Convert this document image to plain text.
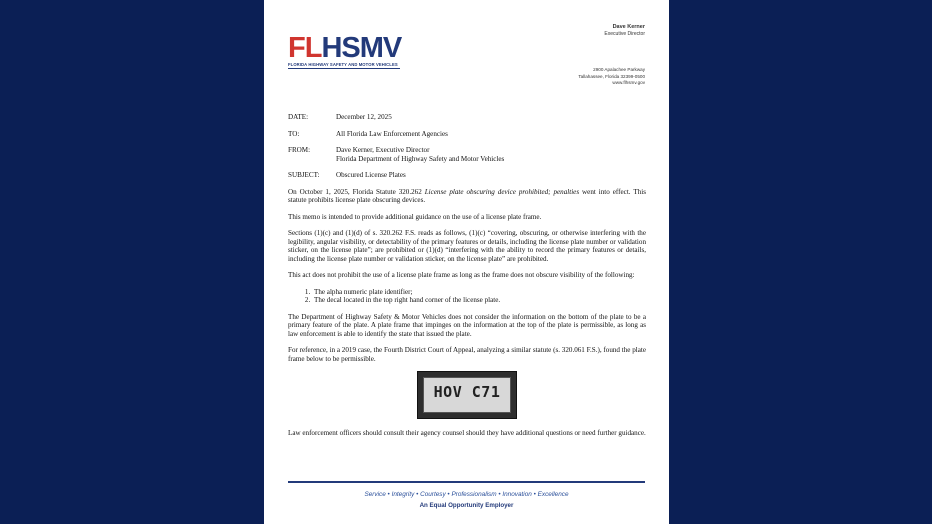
FLHSMV
FLORIDA HIGHWAY SAFETY AND MOTOR VEHICLES
Dave Kerner
Executive Director
2900 Apalachee Parkway
Tallahassee, Florida 32399-0500
www.flhsmv.gov
DATE:	December 12, 2025
TO:	All Florida Law Enforcement Agencies
FROM:	Dave Kerner, Executive Director
Florida Department of Highway Safety and Motor Vehicles
SUBJECT:	Obscured License Plates

On October 1, 2025, Florida Statute 320.262 License plate obscuring device prohibited; penalties went into effect. This statute prohibits license plate obscuring devices.

This memo is intended to provide additional guidance on the use of a license plate frame.

Sections (1)(c) and (1)(d) of s. 320.262 F.S. reads as follows, (1)(c) “covering, obscuring, or otherwise interfering with the legibility, angular visibility, or detectability of the primary features or details, including the license plate number or validation sticker, on the license plate”; are prohibited or (1)(d) “interfering with the ability to record the primary features or details, including the license plate number or validation sticker, on the license plate” are prohibited.

This act does not prohibit the use of a license plate frame as long as the frame does not obscure visibility of the following:

1. The alpha numeric plate identifier;
2. The decal located in the top right hand corner of the license plate.

The Department of Highway Safety & Motor Vehicles does not consider the information on the bottom of the plate to be a primary feature of the plate. A plate frame that impinges on the information at the top of the plate is permissible, as long as law enforcement is able to identify the state that issued the plate.

For reference, in a 2019 case, the Fourth District Court of Appeal, analyzing a similar statute (s. 320.061 F.S.), found the plate frame below to be permissible.

HOV C71

Law enforcement officers should consult their agency counsel should they have additional questions or need further guidance.

Service • Integrity • Courtesy • Professionalism • Innovation • Excellence
An Equal Opportunity Employer
